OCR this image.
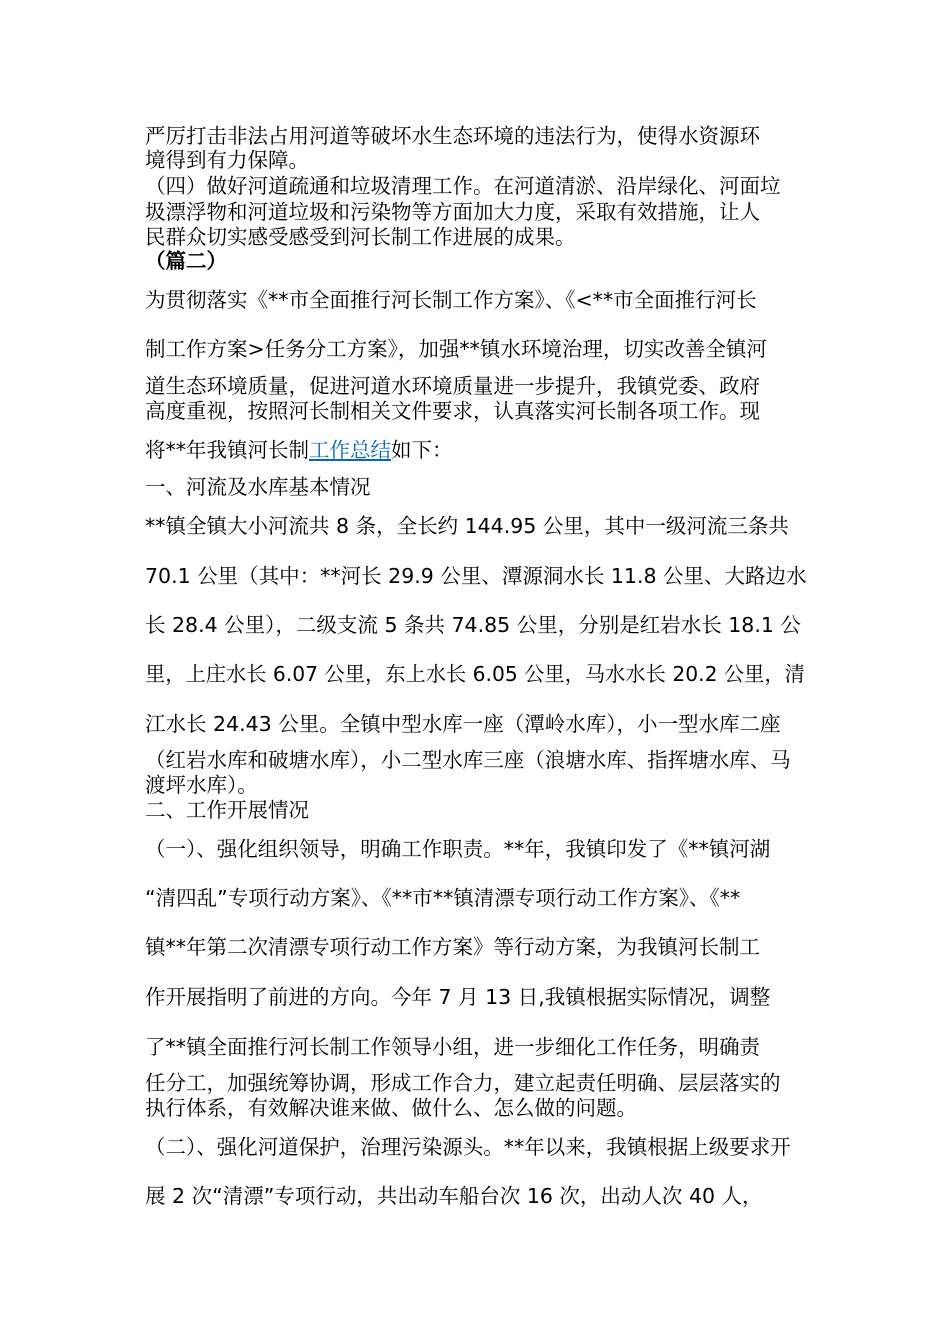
严厉打击非法占用河道等破坏水生态环境的违法行为，使得水资源环
境得到有力保障。
（四）做好河道疏通和垃圾清理工作。在河道清淤、沿岸绿化、河面垃
圾漂浮物和河道垃圾和污染物等方面加大力度，采取有效措施，让人
民群众切实感受感受到河长制工作进展的成果。
（篇二）
为贯彻落实《**市全面推行河长制工作方案》、《<**市全面推行河长
制工作方案>任务分工方案》，加强**镇水环境治理，切实改善全镇河
道生态环境质量，促进河道水环境质量进一步提升，我镇党委、政府
高度重视，按照河长制相关文件要求，认真落实河长制各项工作。现
将**年我镇河长制工作总结如下：
一、河流及水库基本情况
**镇全镇大小河流共 8 条，全长约 144.95 公里，其中一级河流三条共
70.1 公里（其中：**河长 29.9 公里、潭源洞水长 11.8 公里、大路边水
长 28.4 公里），二级支流 5 条共 74.85 公里，分别是红岩水长 18.1 公
里，上庄水长 6.07 公里，东上水长 6.05 公里，马水水长 20.2 公里，清
江水长 24.43 公里。全镇中型水库一座（潭岭水库），小一型水库二座
（红岩水库和破塘水库），小二型水库三座（浪塘水库、指挥塘水库、马
渡坪水库）。
二、工作开展情况
（一）、强化组织领导，明确工作职责。**年，我镇印发了《**镇河湖
“清四乱”专项行动方案》、《**市**镇清漂专项行动工作方案》、《**
镇**年第二次清漂专项行动工作方案》等行动方案，为我镇河长制工
作开展指明了前进的方向。今年 7 月 13 日,我镇根据实际情况，调整
了**镇全面推行河长制工作领导小组，进一步细化工作任务，明确责
任分工，加强统筹协调，形成工作合力，建立起责任明确、层层落实的
执行体系，有效解决谁来做、做什么、怎么做的问题。
（二）、强化河道保护，治理污染源头。**年以来，我镇根据上级要求开
展 2 次“清漂”专项行动，共出动车船台次 16 次，出动人次 40 人，
